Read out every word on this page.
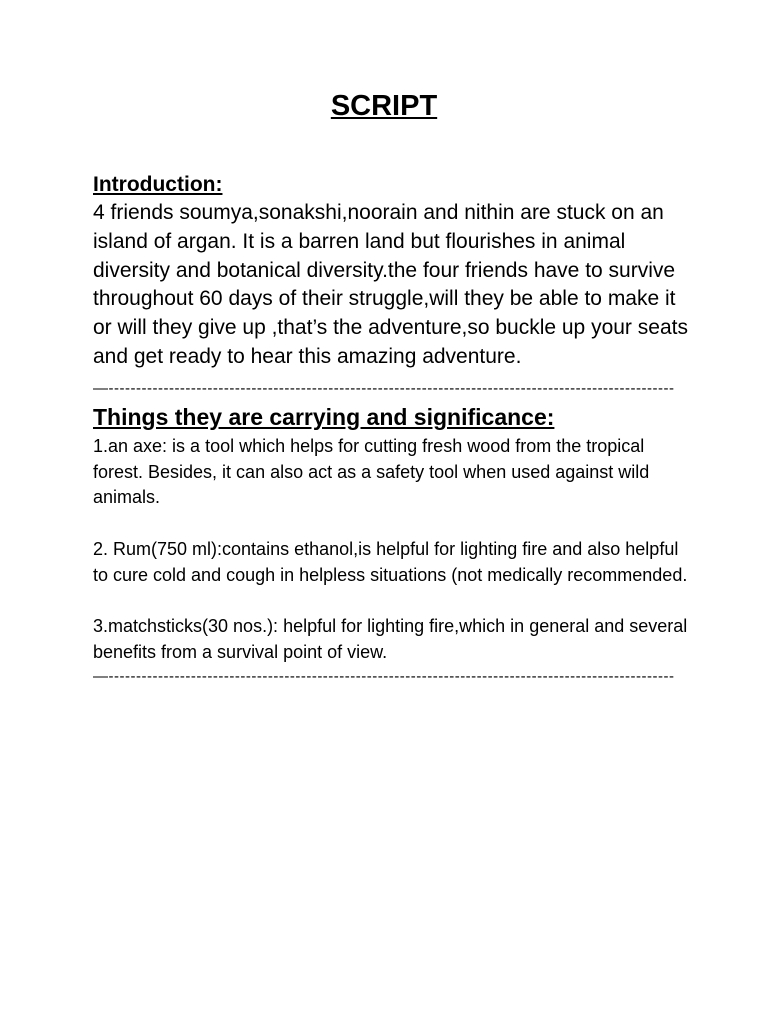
SCRIPT

Introduction:

4 friends soumya,sonakshi,noorain and nithin are stuck on an island of argan. It is a barren land but flourishes in animal diversity and botanical diversity.the four friends have to survive throughout 60 days of their struggle,will they be able to make it or will they give up ,that’s the adventure,so buckle up your seats and get ready to hear this amazing adventure.

—-------------------------------------------------------------------------------------------------------

Things they are carrying and significance:

1.an axe: is a tool which helps for cutting fresh wood from the tropical forest. Besides, it can also act as a safety tool when used against wild animals.

2. Rum(750 ml):contains ethanol,is helpful for lighting fire and also helpful to cure cold and cough in helpless situations (not medically recommended.

3.matchsticks(30 nos.): helpful for lighting fire,which in general and several benefits from a survival point of view.

—-------------------------------------------------------------------------------------------------------
